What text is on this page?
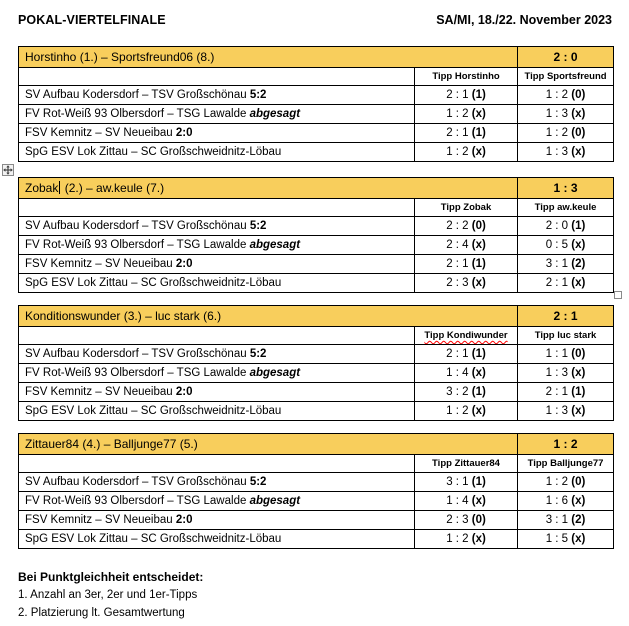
POKAL-VIERTELFINALE	SA/MI, 18./22. November 2023
Horstinho (1.) – Sportsfreund06 (8.)		2 : 0
	Tipp Horstinho	Tipp Sportsfreund
SV Aufbau Kodersdorf – TSV Großschönau 5:2	2 : 1 (1)	1 : 2 (0)
FV Rot-Weiß 93 Olbersdorf – TSG Lawalde abgesagt	1 : 2 (x)	1 : 3 (x)
FSV Kemnitz – SV Neueibau 2:0	2 : 1 (1)	1 : 2 (0)
SpG ESV Lok Zittau – SC Großschweidnitz-Löbau	1 : 2 (x)	1 : 3 (x)
Zobak (2.) – aw.keule (7.)		1 : 3
	Tipp Zobak	Tipp aw.keule
SV Aufbau Kodersdorf – TSV Großschönau 5:2	2 : 2 (0)	2 : 0 (1)
FV Rot-Weiß 93 Olbersdorf – TSG Lawalde abgesagt	2 : 4 (x)	0 : 5 (x)
FSV Kemnitz – SV Neueibau 2:0	2 : 1 (1)	3 : 1 (2)
SpG ESV Lok Zittau – SC Großschweidnitz-Löbau	2 : 3 (x)	2 : 1 (x)
Konditionswunder (3.) – luc stark (6.)		2 : 1
	Tipp Kondiwunder	Tipp luc stark
SV Aufbau Kodersdorf – TSV Großschönau 5:2	2 : 1 (1)	1 : 1 (0)
FV Rot-Weiß 93 Olbersdorf – TSG Lawalde abgesagt	1 : 4 (x)	1 : 3 (x)
FSV Kemnitz – SV Neueibau 2:0	3 : 2 (1)	2 : 1 (1)
SpG ESV Lok Zittau – SC Großschweidnitz-Löbau	1 : 2 (x)	1 : 3 (x)
Zittauer84 (4.) – Balljunge77 (5.)		1 : 2
	Tipp Zittauer84	Tipp Balljunge77
SV Aufbau Kodersdorf – TSV Großschönau 5:2	3 : 1 (1)	1 : 2 (0)
FV Rot-Weiß 93 Olbersdorf – TSG Lawalde abgesagt	1 : 4 (x)	1 : 6 (x)
FSV Kemnitz – SV Neueibau 2:0	2 : 3 (0)	3 : 1 (2)
SpG ESV Lok Zittau – SC Großschweidnitz-Löbau	1 : 2 (x)	1 : 5 (x)
Bei Punktgleichheit entscheidet:
1. Anzahl an 3er, 2er und 1er-Tipps
2. Platzierung lt. Gesamtwertung
